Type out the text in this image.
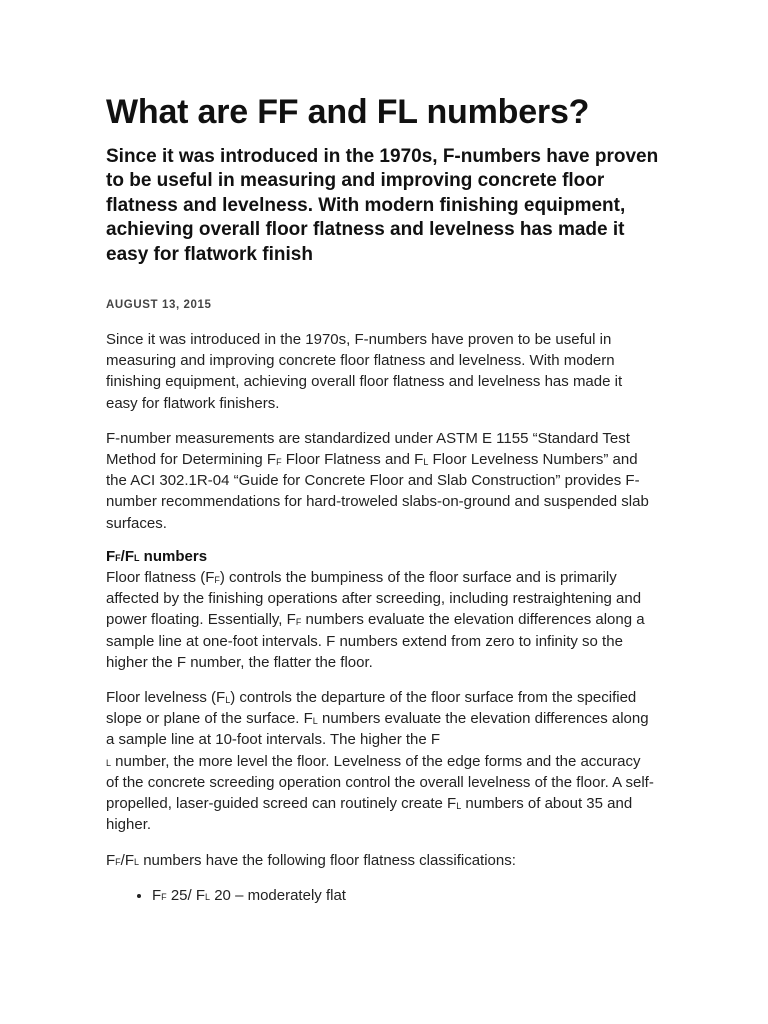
What are FF and FL numbers?

Since it was introduced in the 1970s, F-numbers have proven to be useful in measuring and improving concrete floor flatness and levelness. With modern finishing equipment, achieving overall floor flatness and levelness has made it easy for flatwork finish

AUGUST 13, 2015

Since it was introduced in the 1970s, F-numbers have proven to be useful in measuring and improving concrete floor flatness and levelness. With modern finishing equipment, achieving overall floor flatness and levelness has made it easy for flatwork finishers.

F-number measurements are standardized under ASTM E 1155 “Standard Test Method for Determining FF Floor Flatness and FL Floor Levelness Numbers” and the ACI 302.1R-04 “Guide for Concrete Floor and Slab Construction” provides F-number recommendations for hard-troweled slabs-on-ground and suspended slab surfaces.

FF/FL numbers

Floor flatness (FF) controls the bumpiness of the floor surface and is primarily affected by the finishing operations after screeding, including restraightening and power floating. Essentially, FF numbers evaluate the elevation differences along a sample line at one-foot intervals. F numbers extend from zero to infinity so the higher the F number, the flatter the floor.

Floor levelness (FL) controls the departure of the floor surface from the specified slope or plane of the surface. FL numbers evaluate the elevation differences along a sample line at 10-foot intervals. The higher the F
L number, the more level the floor. Levelness of the edge forms and the accuracy of the concrete screeding operation control the overall levelness of the floor. A self-propelled, laser-guided screed can routinely create FL numbers of about 35 and higher.

FF/FL numbers have the following floor flatness classifications:

• FF 25/ FL 20 – moderately flat
